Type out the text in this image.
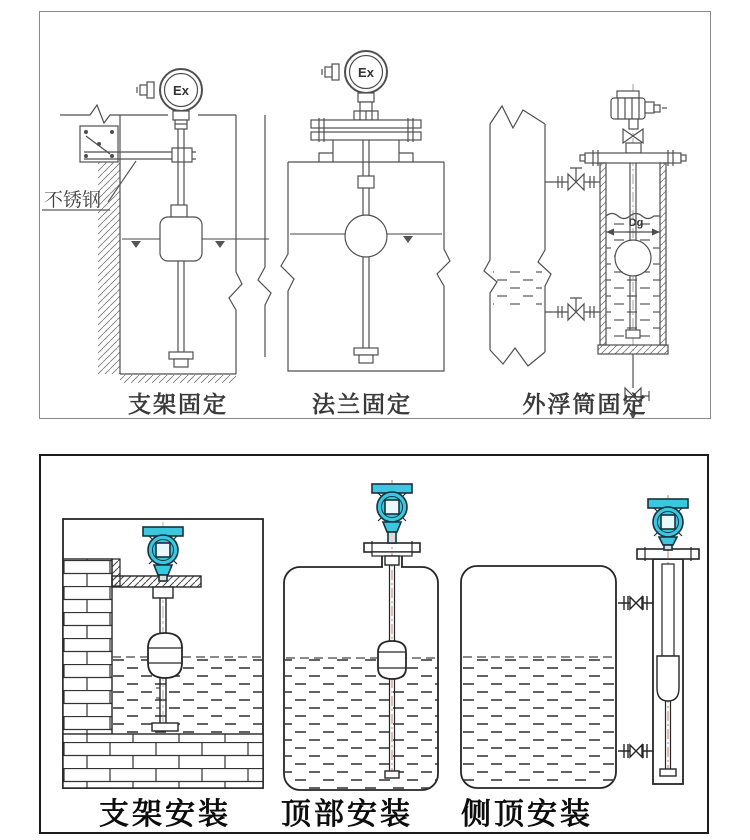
不锈钢
Ex
支架固定
Ex
法兰固定
Dg
外浮筒固定
支架安装 顶部安装 侧顶安装
